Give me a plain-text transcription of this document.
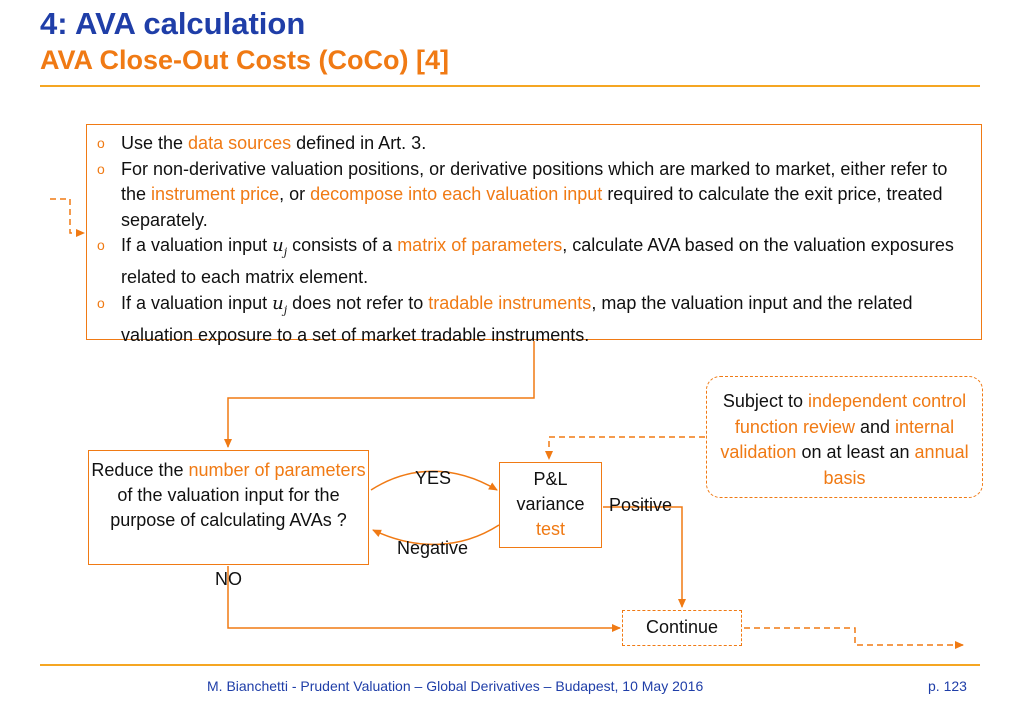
4: AVA calculation
AVA Close-Out Costs (CoCo) [4]
o Use the data sources defined in Art. 3.
o For non-derivative valuation positions, or derivative positions which are marked to market, either refer to the instrument price, or decompose into each valuation input required to calculate the exit price, treated separately.
o If a valuation input $u_j$ consists of a matrix of parameters, calculate AVA based on the valuation exposures related to each matrix element.
o If a valuation input $u_j$ does not refer to tradable instruments, map the valuation input and the related valuation exposure to a set of market tradable instruments.
Reduce the number of parameters of the valuation input for the purpose of calculating AVAs ?
P&L variance
test
Subject to independent control function review and internal validation on at least an annual basis
YES
Negative
Positive
NO
Continue
M. Bianchetti - Prudent Valuation – Global Derivatives – Budapest, 10 May 2016	p. 123
